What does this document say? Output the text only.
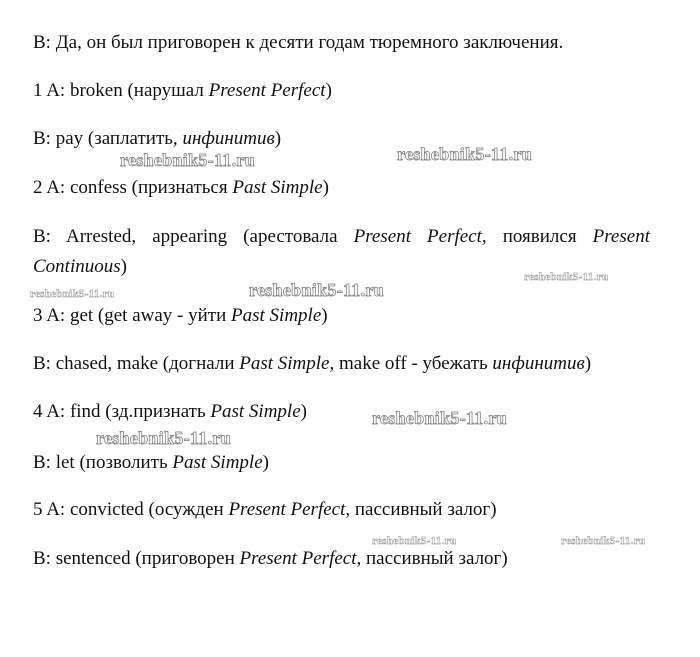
B: Да, он был приговорен к десяти годам тюремного заключения.

1 A: broken (нарушал Present Perfect)

B: pay (заплатить, инфинитив)

2 A: confess (признаться Past Simple)

B: Arrested, appearing (арестовала Present Perfect, появился Present

Continuous)

3 A: get (get away - уйти Past Simple)

B: chased, make (догнали Past Simple, make off - убежать инфинитив)

4 A: find (зд.признать Past Simple)

B: let (позволить Past Simple)

5 A: convicted (осужден Present Perfect, пассивный залог)

B: sentenced (приговорен Present Perfect, пассивный залог)

reshebnik5-11.ru	reshebnik5-11.ru
reshebnik5-11.ru
reshebnik5-11.ru	reshebnik5-11.ru
reshebnik5-11.ru
reshebnik5-11.ru
reshebnik5-11.ru	reshebnik5-11.ru
